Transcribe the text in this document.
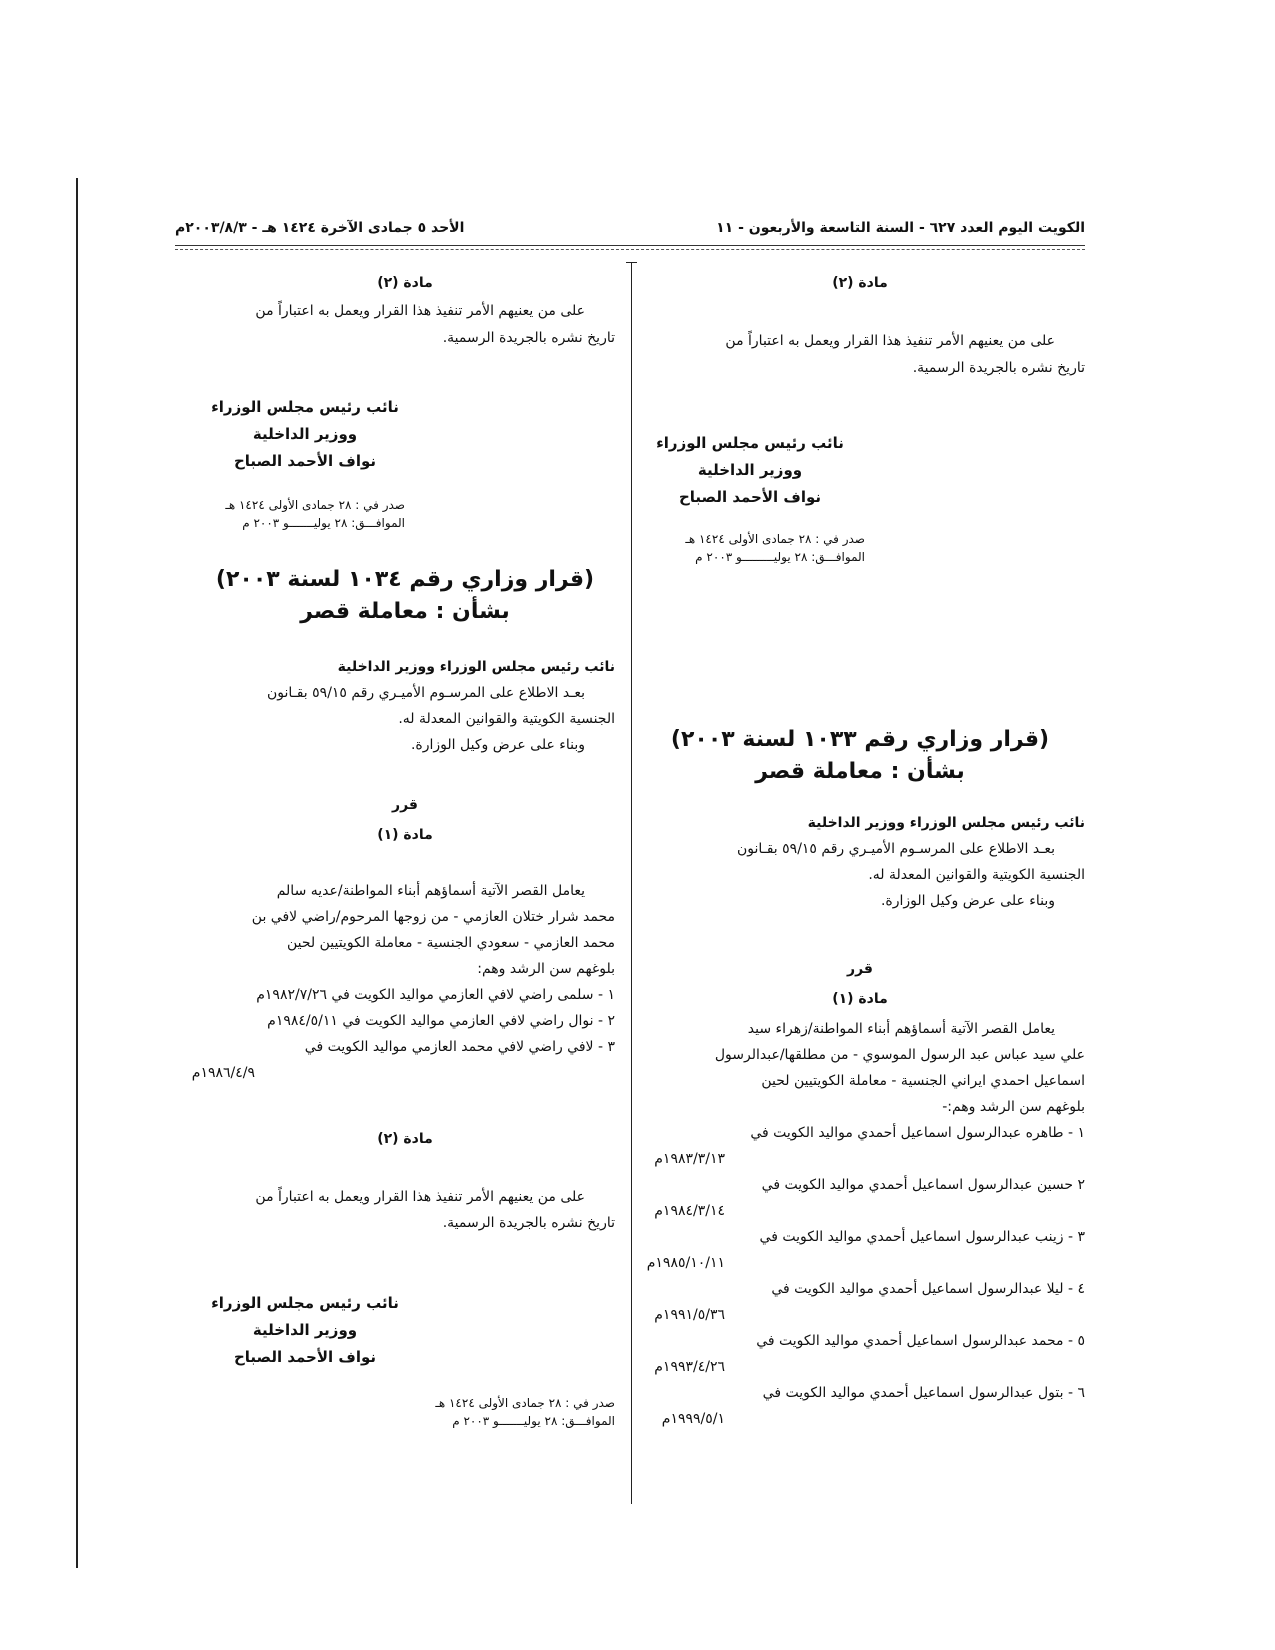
الكويت اليوم العدد ٦٢٧ - السنة التاسعة والأربعون - ١١
الأحد ٥ جمادى الآخرة ١٤٢٤ هـ - ٢٠٠٣/٨/٣م
مادة (٢)
على من يعنيهم الأمر تنفيذ هذا القرار ويعمل به اعتباراً من
تاريخ نشره بالجريدة الرسمية.
نائب رئيس مجلس الوزراء
ووزير الداخلية
نواف الأحمد الصباح
صدر في : ٢٨ جمادى الأولى ١٤٢٤ هـ
الموافـــق: ٢٨ يوليـــــــــو ٢٠٠٣ م
(قرار وزاري رقم ١٠٣٣ لسنة ٢٠٠٣)
بشأن : معاملة قصر
نائب رئيس مجلس الوزراء ووزير الداخلية
بعـد الاطلاع على المرسـوم الأميـري رقم ٥٩/١٥ بقـانون
الجنسية الكويتية والقوانين المعدلة له.
وبناء على عرض وكيل الوزارة.
قرر
مادة (١)
يعامل القصر الآتية أسماؤهم أبناء المواطنة/زهراء سيد
علي سيد عباس عبد الرسول الموسوي - من مطلقها/عبدالرسول
اسماعيل احمدي ايراني الجنسية - معاملة الكويتيين لحين
بلوغهم سن الرشد وهم:-
١ - طاهره عبدالرسول اسماعيل أحمدي مواليد الكويت في
١٩٨٣/٣/١٣م
٢ حسين عبدالرسول اسماعيل أحمدي مواليد الكويت في
١٩٨٤/٣/١٤م
٣ - زينب عبدالرسول اسماعيل أحمدي مواليد الكويت في
١٩٨٥/١٠/١١م
٤ - ليلا عبدالرسول اسماعيل أحمدي مواليد الكويت في
١٩٩١/٥/٣٦م
٥ - محمد عبدالرسول اسماعيل أحمدي مواليد الكويت في
١٩٩٣/٤/٢٦م
٦ - بتول عبدالرسول اسماعيل أحمدي مواليد الكويت في
١٩٩٩/٥/١م
مادة (٢)
على من يعنيهم الأمر تنفيذ هذا القرار ويعمل به اعتباراً من
تاريخ نشره بالجريدة الرسمية.
نائب رئيس مجلس الوزراء
ووزير الداخلية
نواف الأحمد الصباح
صدر في : ٢٨ جمادى الأولى ١٤٢٤ هـ
الموافـــق: ٢٨ يوليـــــــو ٢٠٠٣ م
(قرار وزاري رقم ١٠٣٤ لسنة ٢٠٠٣)
بشأن : معاملة قصر
نائب رئيس مجلس الوزراء ووزير الداخلية
بعـد الاطلاع على المرسـوم الأميـري رقم ٥٩/١٥ بقـانون
الجنسية الكويتية والقوانين المعدلة له.
وبناء على عرض وكيل الوزارة.
قرر
مادة (١)
يعامل القصر الآتية أسماؤهم أبناء المواطنة/عديه سالم
محمد شرار ختلان العازمي - من زوجها المرحوم/راضي لافي بن
محمد العازمي - سعودي الجنسية - معاملة الكويتيين لحين
بلوغهم سن الرشد وهم:
١ - سلمى راضي لافي العازمي مواليد الكويت في ١٩٨٢/٧/٢٦م
٢ - نوال راضي لافي العازمي مواليد الكويت في ١٩٨٤/٥/١١م
٣ - لافي راضي لافي محمد العازمي مواليد الكويت في
١٩٨٦/٤/٩م
مادة (٢)
على من يعنيهم الأمر تنفيذ هذا القرار ويعمل به اعتباراً من
تاريخ نشره بالجريدة الرسمية.
نائب رئيس مجلس الوزراء
ووزير الداخلية
نواف الأحمد الصباح
صدر في : ٢٨ جمادى الأولى ١٤٢٤ هـ
الموافـــق: ٢٨ يوليـــــــو ٢٠٠٣ م
